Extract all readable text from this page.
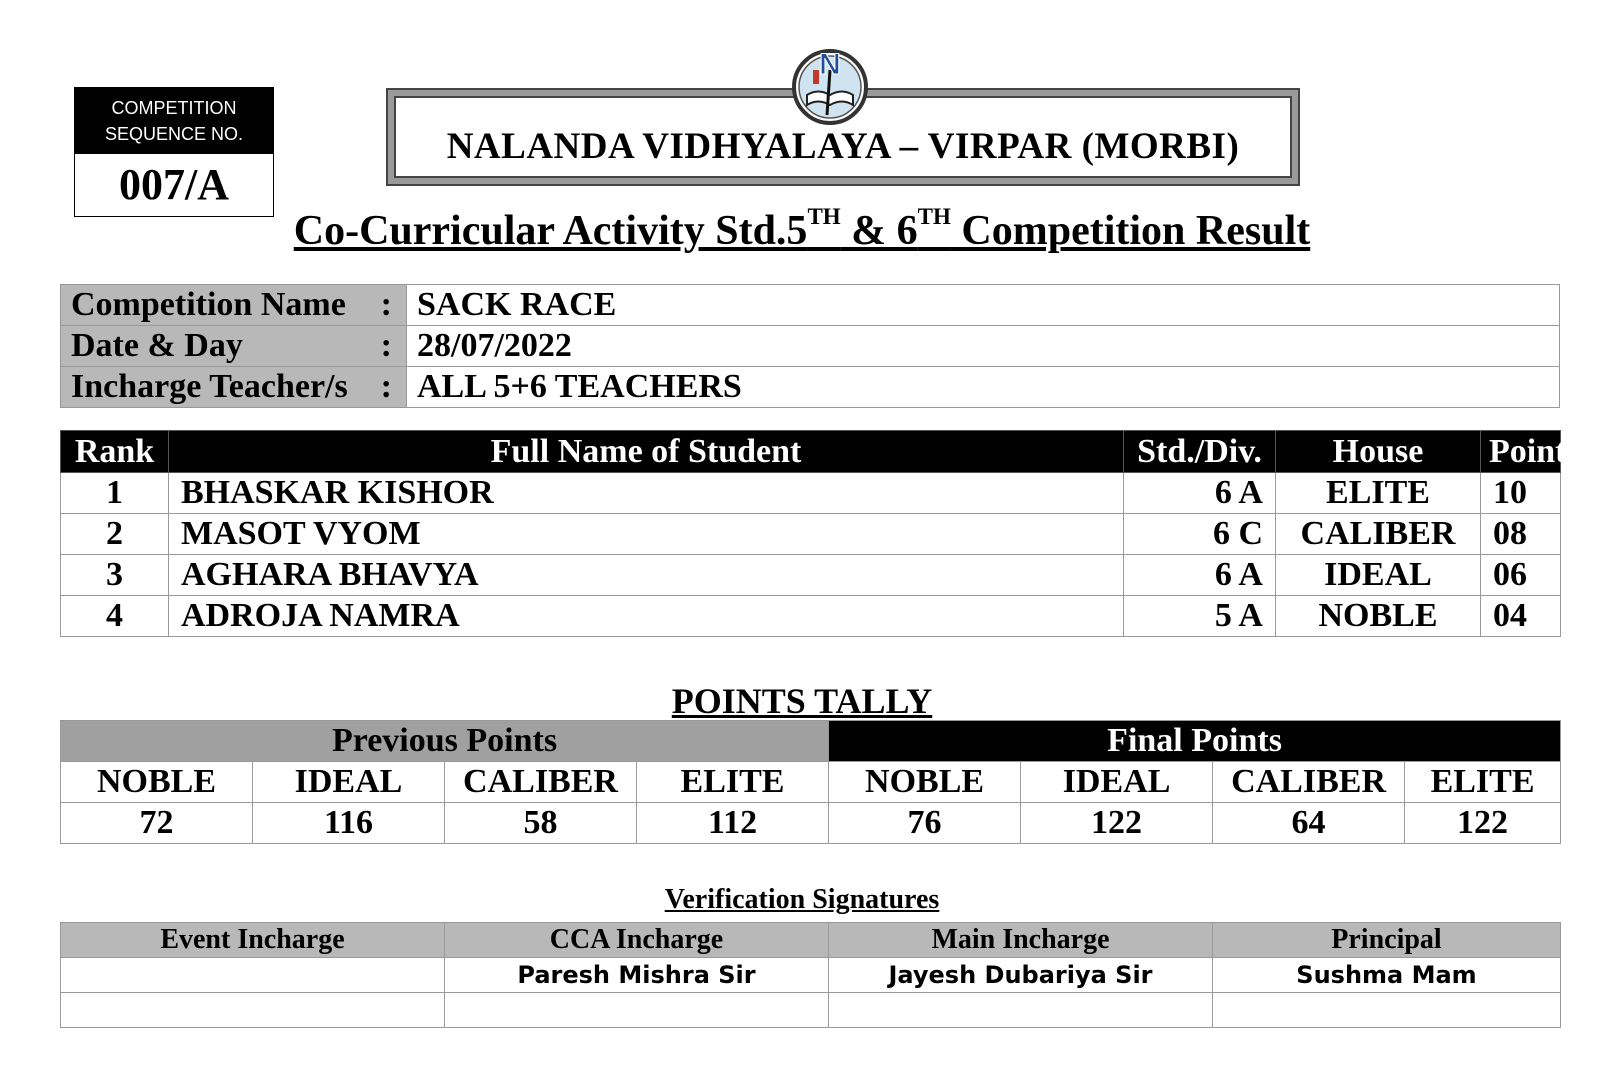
COMPETITION
SEQUENCE NO.
007/A
NALANDA VIDHYALAYA – VIRPAR (MORBI)
N
Co-Curricular Activity Std.5TH & 6TH Competition Result
Competition Name :	SACK RACE
Date & Day :	28/07/2022
Incharge Teacher/s :	ALL 5+6 TEACHERS
Rank	Full Name of Student	Std./Div.	House	Points
1	BHASKAR KISHOR	6 A	ELITE	10
2	MASOT VYOM	6 C	CALIBER	08
3	AGHARA BHAVYA	6 A	IDEAL	06
4	ADROJA NAMRA	5 A	NOBLE	04
POINTS TALLY
Previous Points				Final Points			
NOBLE	IDEAL	CALIBER	ELITE	NOBLE	IDEAL	CALIBER	ELITE
72	116	58	112	76	122	64	122
Verification Signatures
Event Incharge	CCA Incharge	Main Incharge	Principal
	Paresh Mishra Sir	Jayesh Dubariya Sir	Sushma Mam
